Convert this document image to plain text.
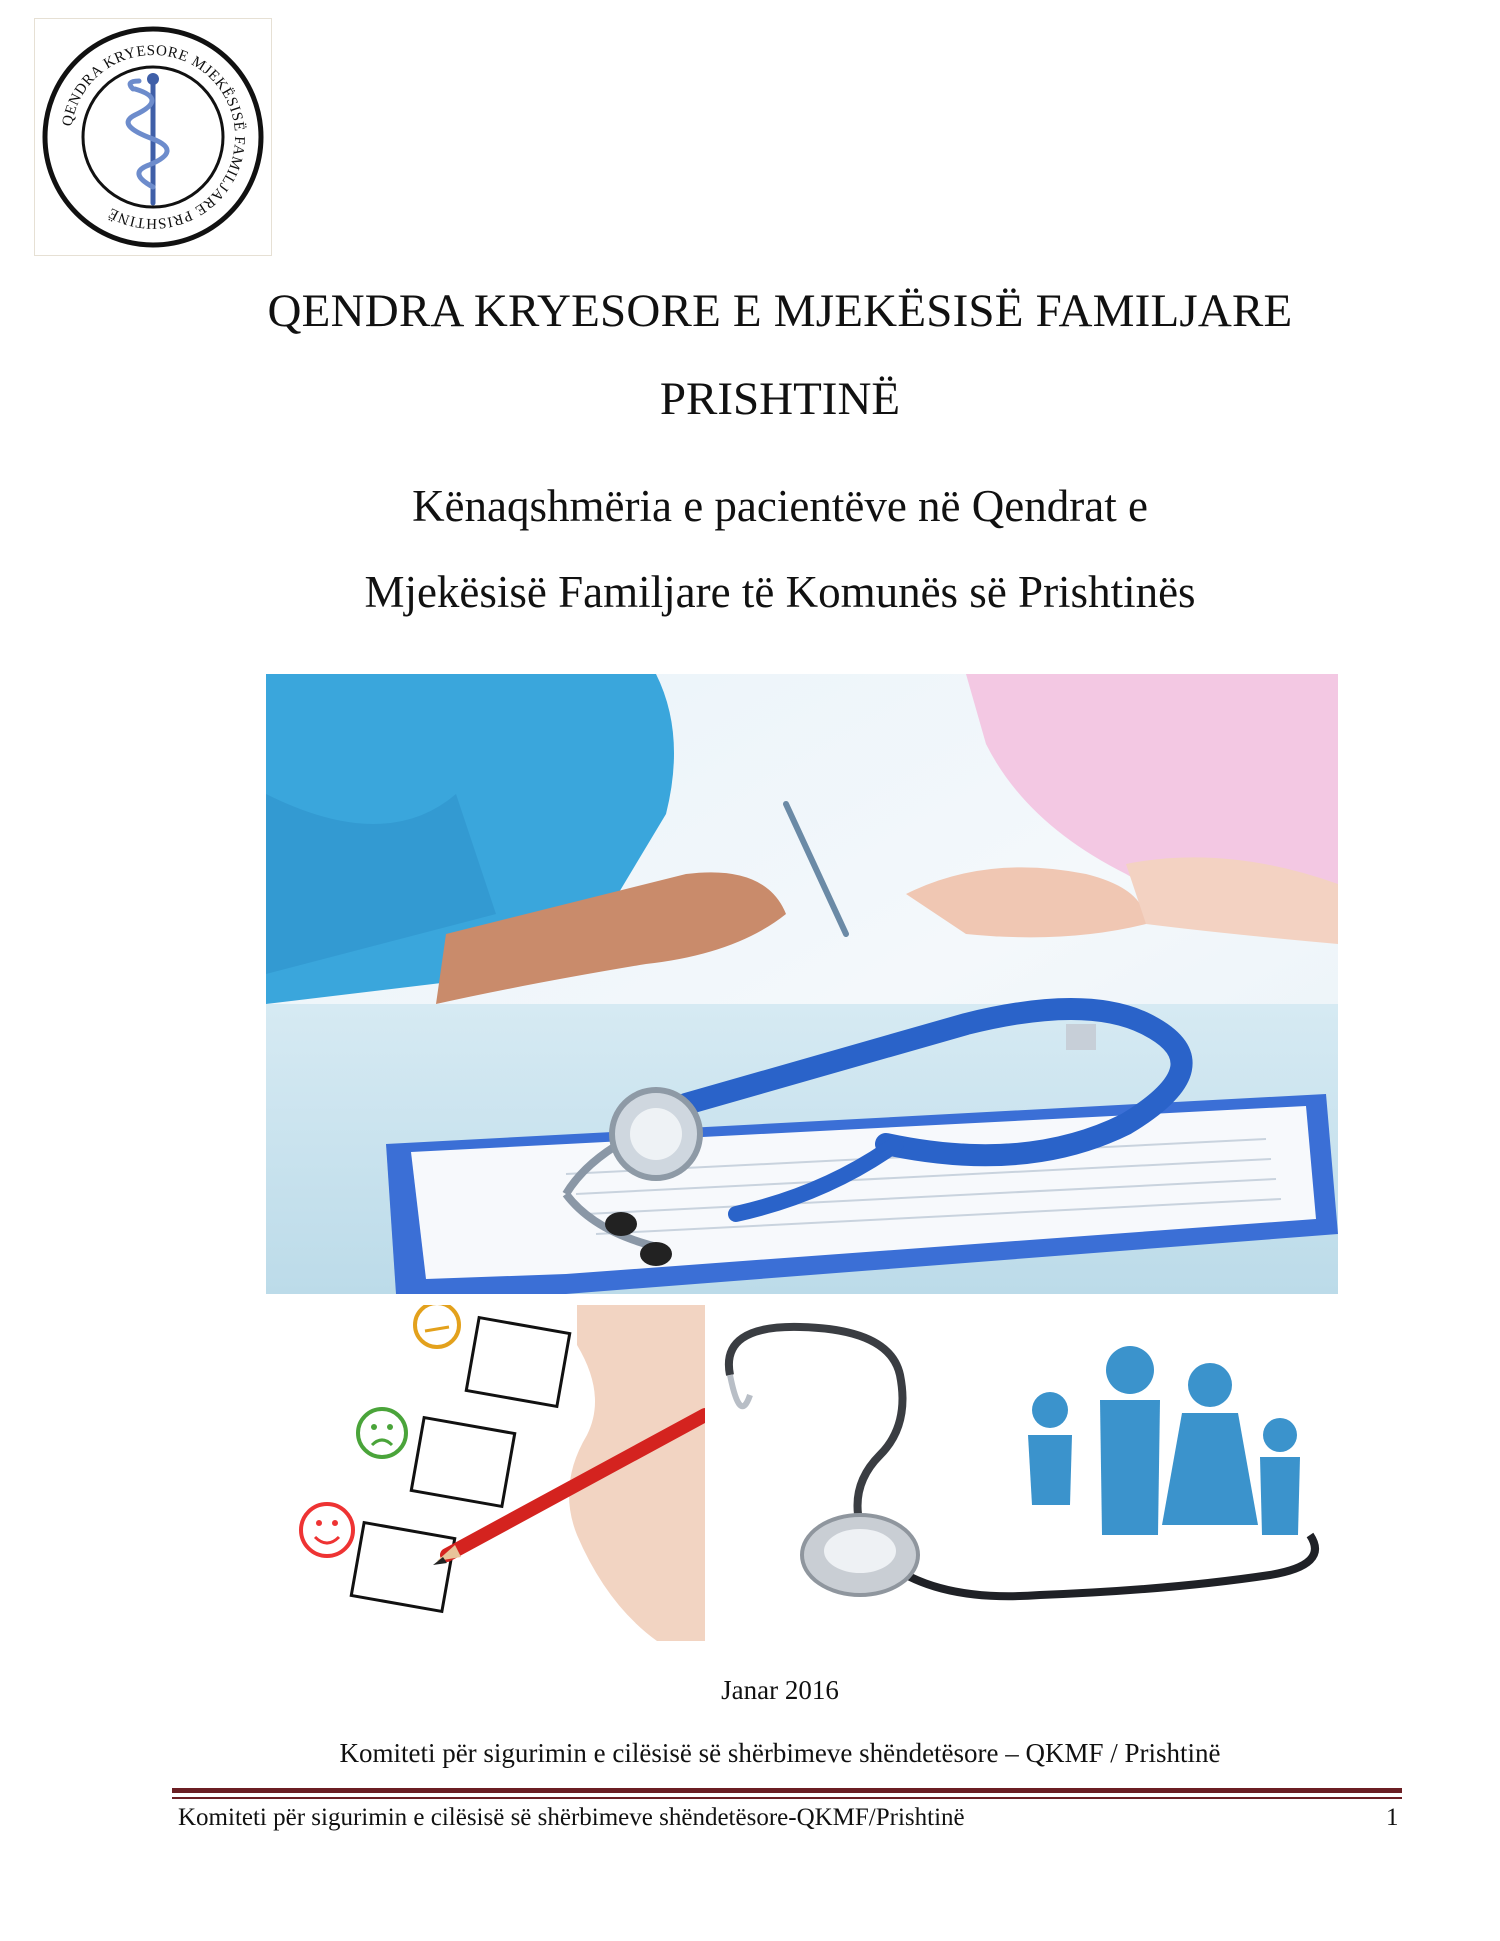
QENDRA KRYESORE MJEKËSISË FAMILJARE PRISHTINË
QENDRA KRYESORE E MJEKËSISË FAMILJARE
PRISHTINË
Kënaqshmëria e pacientëve në Qendrat e
Mjekësisë Familjare të Komunës së Prishtinës

Janar 2016

Komiteti për sigurimin e cilësisë së shërbimeve shëndetësore – QKMF / Prishtinë

Komiteti për sigurimin e cilësisë së shërbimeve shëndetësore-QKMF/Prishtinë	1
